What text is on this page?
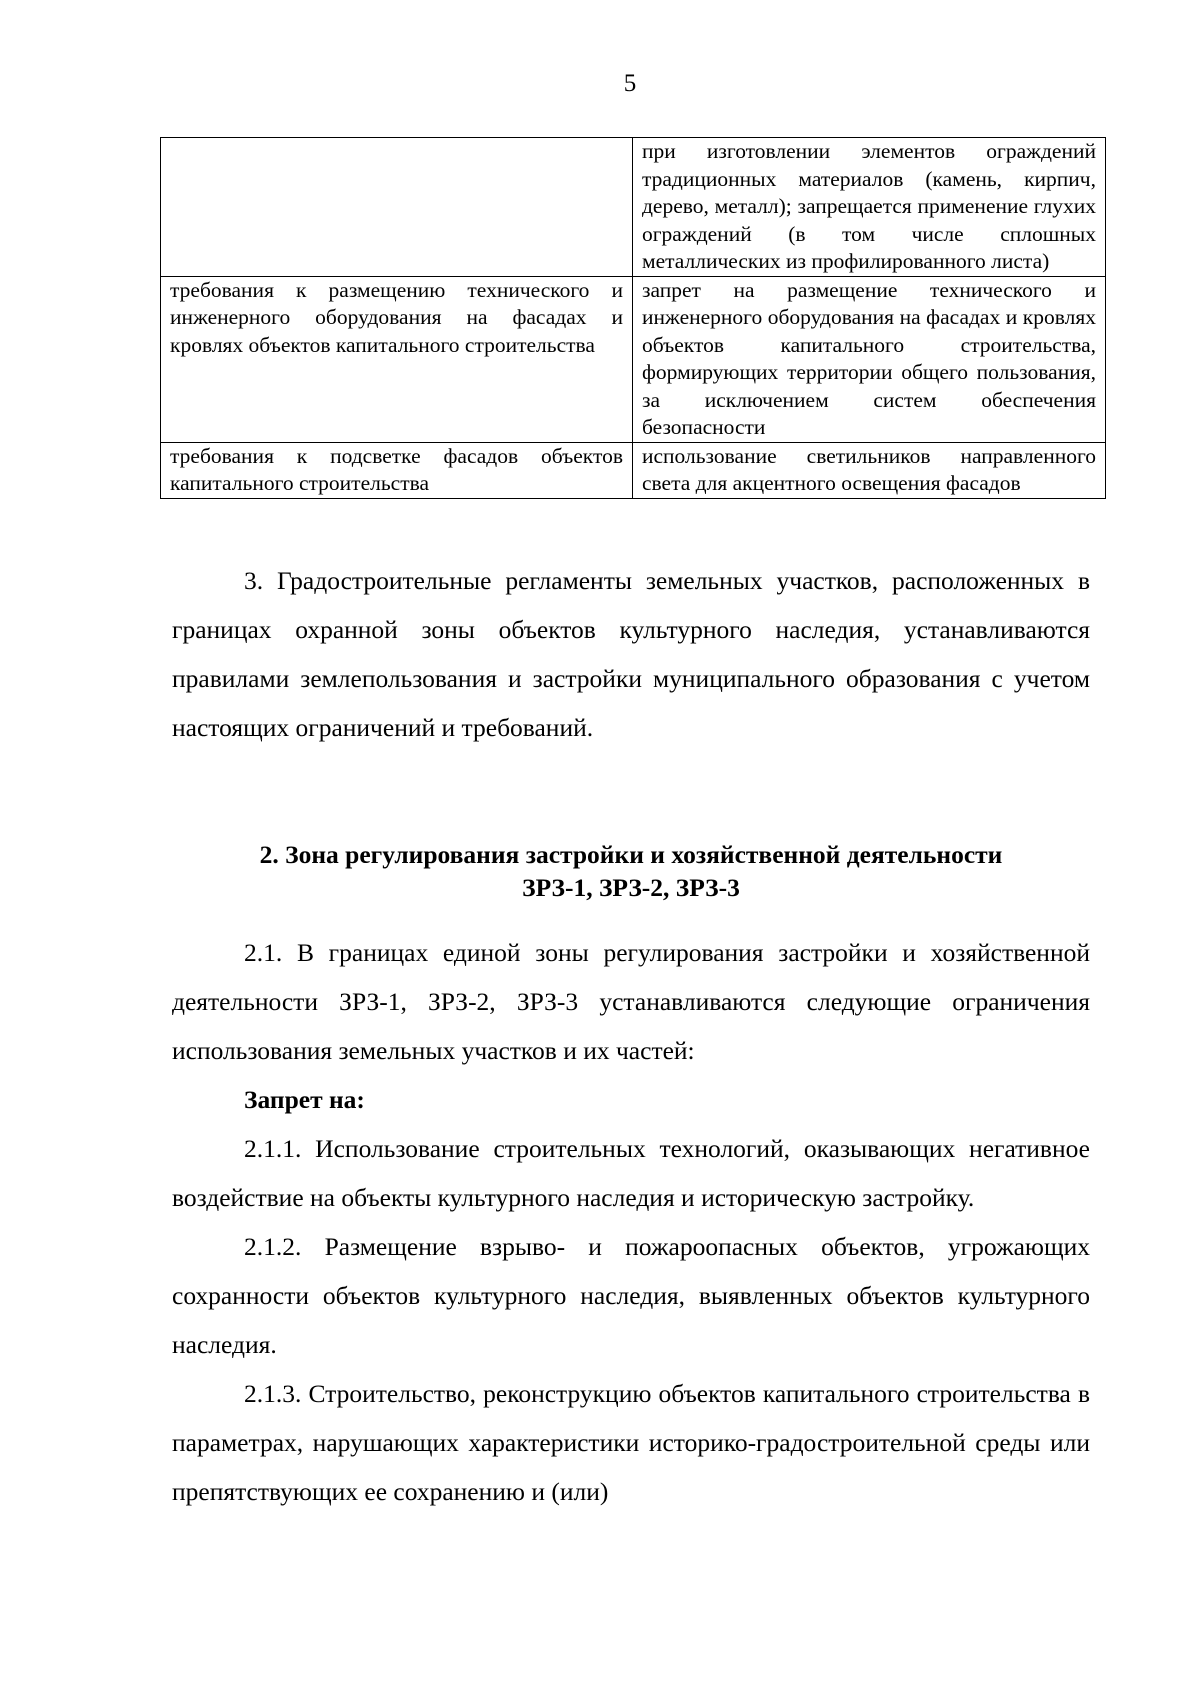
5
	при изготовлении элементов ограждений традиционных материалов (камень, кирпич, дерево, металл); запрещается применение глухих ограждений (в том числе сплошных металлических из профилированного листа)
требования к размещению технического и инженерного оборудования на фасадах и кровлях объектов капитального строительства	запрет на размещение технического и инженерного оборудования на фасадах и кровлях объектов капитального строительства, формирующих территории общего пользования, за исключением систем обеспечения безопасности
требования к подсветке фасадов объектов капитального строительства	использование светильников направленного света для акцентного освещения фасадов

3. Градостроительные регламенты земельных участков, расположенных в границах охранной зоны объектов культурного наследия, устанавливаются правилами землепользования и застройки муниципального образования с учетом настоящих ограничений и требований.

2. Зона регулирования застройки и хозяйственной деятельности
ЗРЗ-1, ЗРЗ-2, ЗРЗ-3

2.1. В границах единой зоны регулирования застройки и хозяйственной деятельности ЗРЗ-1, ЗРЗ-2, ЗРЗ-3 устанавливаются следующие ограничения использования земельных участков и их частей:

Запрет на:

2.1.1. Использование строительных технологий, оказывающих негативное воздействие на объекты культурного наследия и историческую застройку.

2.1.2. Размещение взрыво- и пожароопасных объектов, угрожающих сохранности объектов культурного наследия, выявленных объектов культурного наследия.

2.1.3. Строительство, реконструкцию объектов капитального строительства в параметрах, нарушающих характеристики историко-градостроительной среды или препятствующих ее сохранению и (или)
